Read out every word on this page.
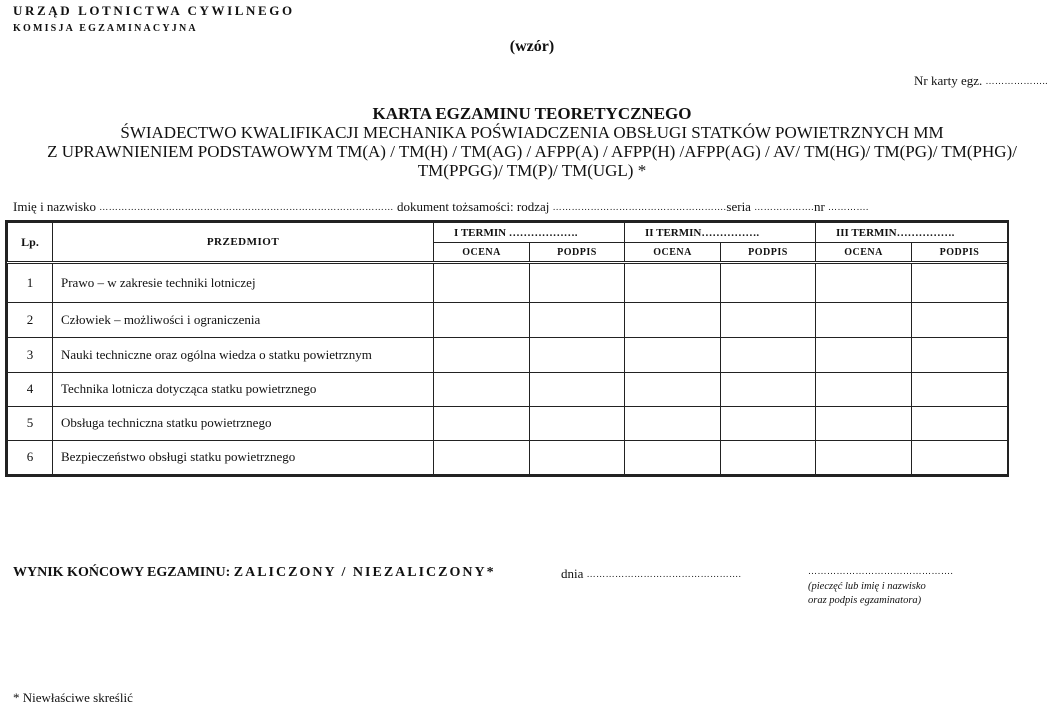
URZĄD LOTNICTWA CYWILNEGO
KOMISJA EGZAMINACYJNA
(wzór)
Nr karty egz. ………………..
KARTA EGZAMINU TEORETYCZNEGO
ŚWIADECTWO KWALIFIKACJI MECHANIKA POŚWIADCZENIA OBSŁUGI STATKÓW POWIETRZNYCH MM
Z UPRAWNIENIEM PODSTAWOWYM TM(A) / TM(H) / TM(AG) / AFPP(A) / AFPP(H) /AFPP(AG) / AV/ TM(HG)/ TM(PG)/ TM(PHG)/
TM(PPGG)/ TM(P)/ TM(UGL) *
Imię i nazwisko ………………………………………………………………………………… dokument tożsamości: rodzaj ……………………………………………….seria ……………….nr ………….
Lp.	PRZEDMIOT	I TERMIN ……………….		II TERMIN…………….		III TERMIN…………….	
		OCENA	PODPIS	OCENA	PODPIS	OCENA	PODPIS
1	Prawo – w zakresie techniki lotniczej						
2	Człowiek – możliwości i ograniczenia						
3	Nauki techniczne oraz ogólna wiedza o statku powietrznym						
4	Technika lotnicza dotycząca statku powietrznego						
5	Obsługa techniczna statku powietrznego						
6	Bezpieczeństwo obsługi statku powietrznego						
WYNIK KOŃCOWY EGZAMINU: ZALICZONY / NIEZALICZONY*	dnia ………………………………………….	……………………………………….
(pieczęć lub imię i nazwisko
oraz podpis egzaminatora)
* Niewłaściwe skreślić
